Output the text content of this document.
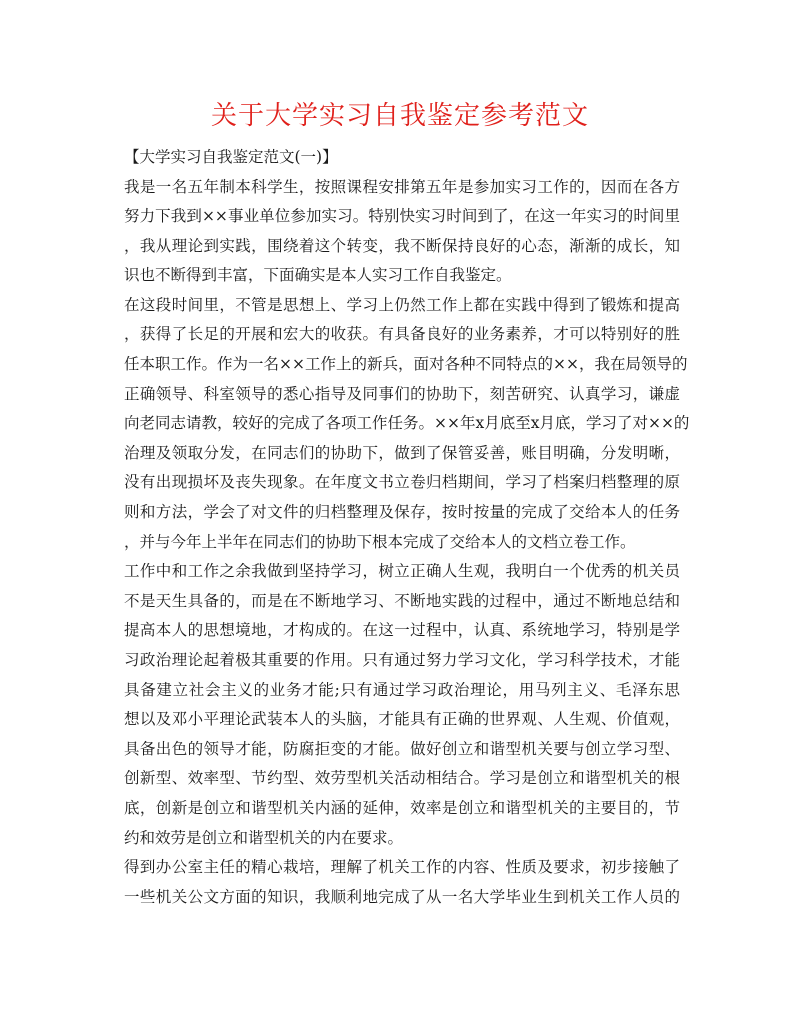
关于大学实习自我鉴定参考范文
【大学实习自我鉴定范文(一)】
我是一名五年制本科学生，按照课程安排第五年是参加实习工作的，因而在各方
努力下我到××事业单位参加实习。特别快实习时间到了，在这一年实习的时间里
，我从理论到实践，围绕着这个转变，我不断保持良好的心态，渐渐的成长，知
识也不断得到丰富，下面确实是本人实习工作自我鉴定。
在这段时间里，不管是思想上、学习上仍然工作上都在实践中得到了锻炼和提高
，获得了长足的开展和宏大的收获。有具备良好的业务素养，才可以特别好的胜
任本职工作。作为一名××工作上的新兵，面对各种不同特点的××，我在局领导的
正确领导、科室领导的悉心指导及同事们的协助下，刻苦研究、认真学习，谦虚
向老同志请教，较好的完成了各项工作任务。××年x月底至x月底，学习了对××的
治理及领取分发，在同志们的协助下，做到了保管妥善，账目明确，分发明晰，
没有出现损坏及丧失现象。在年度文书立卷归档期间，学习了档案归档整理的原
则和方法，学会了对文件的归档整理及保存，按时按量的完成了交给本人的任务
，并与今年上半年在同志们的协助下根本完成了交给本人的文档立卷工作。
工作中和工作之余我做到坚持学习，树立正确人生观，我明白一个优秀的机关员
不是天生具备的，而是在不断地学习、不断地实践的过程中，通过不断地总结和
提高本人的思想境地，才构成的。在这一过程中，认真、系统地学习，特别是学
习政治理论起着极其重要的作用。只有通过努力学习文化，学习科学技术，才能
具备建立社会主义的业务才能;只有通过学习政治理论，用马列主义、毛泽东思
想以及邓小平理论武装本人的头脑，才能具有正确的世界观、人生观、价值观，
具备出色的领导才能，防腐拒变的才能。做好创立和谐型机关要与创立学习型、
创新型、效率型、节约型、效劳型机关活动相结合。学习是创立和谐型机关的根
底，创新是创立和谐型机关内涵的延伸，效率是创立和谐型机关的主要目的，节
约和效劳是创立和谐型机关的内在要求。
得到办公室主任的精心栽培，理解了机关工作的内容、性质及要求，初步接触了
一些机关公文方面的知识，我顺利地完成了从一名大学毕业生到机关工作人员的
